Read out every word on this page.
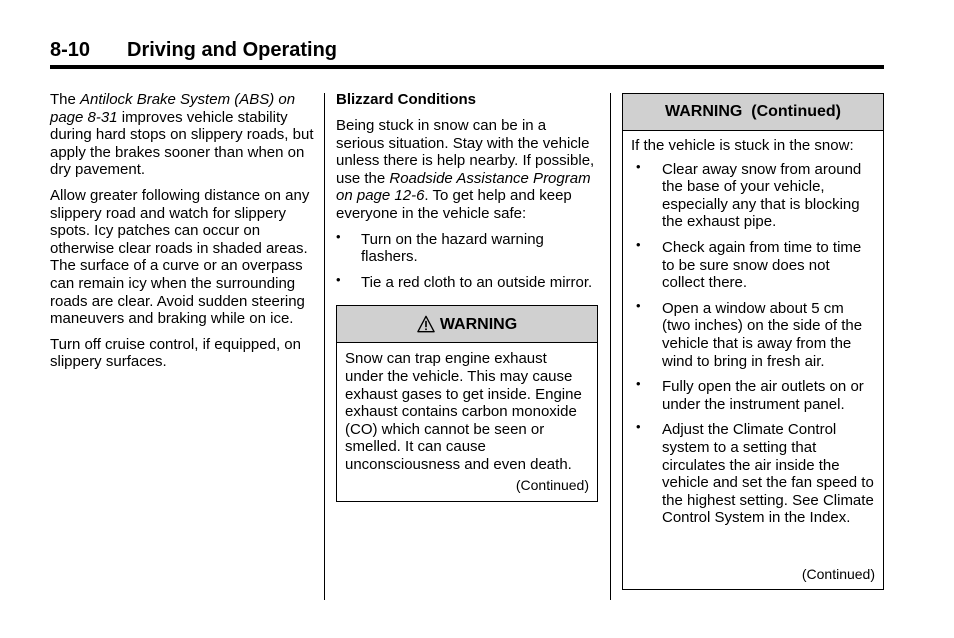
8-10 Driving and Operating

The Antilock Brake System (ABS) on page 8-31 improves vehicle stability during hard stops on slippery roads, but apply the brakes sooner than when on dry pavement.

Allow greater following distance on any slippery road and watch for slippery spots. Icy patches can occur on otherwise clear roads in shaded areas. The surface of a curve or an overpass can remain icy when the surrounding roads are clear. Avoid sudden steering maneuvers and braking while on ice.

Turn off cruise control, if equipped, on slippery surfaces.

Blizzard Conditions

Being stuck in snow can be in a serious situation. Stay with the vehicle unless there is help nearby. If possible, use the Roadside Assistance Program on page 12-6. To get help and keep everyone in the vehicle safe:

• Turn on the hazard warning flashers.
• Tie a red cloth to an outside mirror.
WARNING

Snow can trap engine exhaust under the vehicle. This may cause exhaust gases to get inside. Engine exhaust contains carbon monoxide (CO) which cannot be seen or smelled. It can cause unconsciousness and even death.

(Continued)
WARNING  (Continued)

If the vehicle is stuck in the snow:

• Clear away snow from around the base of your vehicle, especially any that is blocking the exhaust pipe.
• Check again from time to time to be sure snow does not collect there.
• Open a window about 5 cm (two inches) on the side of the vehicle that is away from the wind to bring in fresh air.
• Fully open the air outlets on or under the instrument panel.
• Adjust the Climate Control system to a setting that circulates the air inside the vehicle and set the fan speed to the highest setting. See Climate Control System in the Index.
(Continued)
